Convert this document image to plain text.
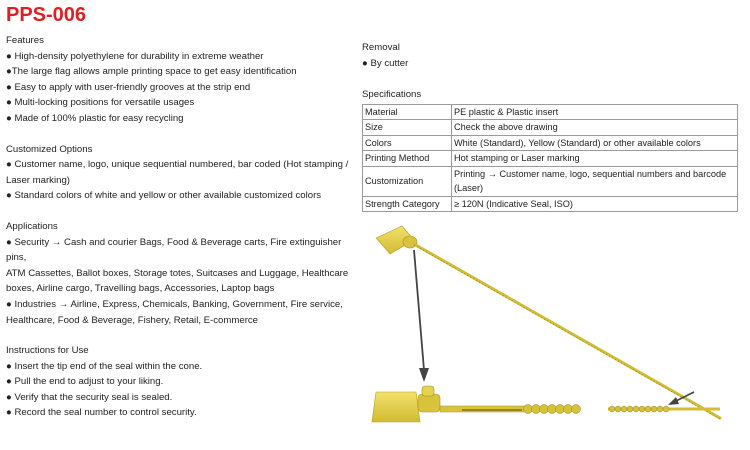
PPS-006

Features

● High-density polyethylene for durability in extreme weather

●The large flag allows ample printing space to get easy identification

● Easy to apply with user-friendly grooves at the strip end

● Multi-locking positions for versatile usages

● Made of 100% plastic for easy recycling

Customized Options

● Customer name, logo, unique sequential numbered, bar coded (Hot stamping /

Laser marking)

● Standard colors of white and yellow or other available customized colors

Applications

● Security → Cash and courier Bags, Food & Beverage carts, Fire extinguisher pins,

ATM Cassettes, Ballot boxes, Storage totes, Suitcases and Luggage, Healthcare

boxes, Airline cargo, Travelling bags, Accessories, Laptop bags

● Industries → Airline, Express, Chemicals, Banking, Government, Fire service,

Healthcare, Food & Beverage, Fishery, Retail, E-commerce

Instructions for Use

● Insert the tip end of the seal within the cone.

● Pull the end to adjust to your liking.

● Verify that the security seal is sealed.

● Record the seal number to control security.

Removal

● By cutter

Specifications

Material	PE plastic & Plastic insert
Size	Check the above drawing
Colors	White (Standard), Yellow (Standard) or other available colors
Printing Method	Hot stamping or Laser marking
Customization	Printing → Customer name, logo, sequential numbers and barcode
(Laser)
Strength Category	≥ 120N (Indicative Seal, ISO)
